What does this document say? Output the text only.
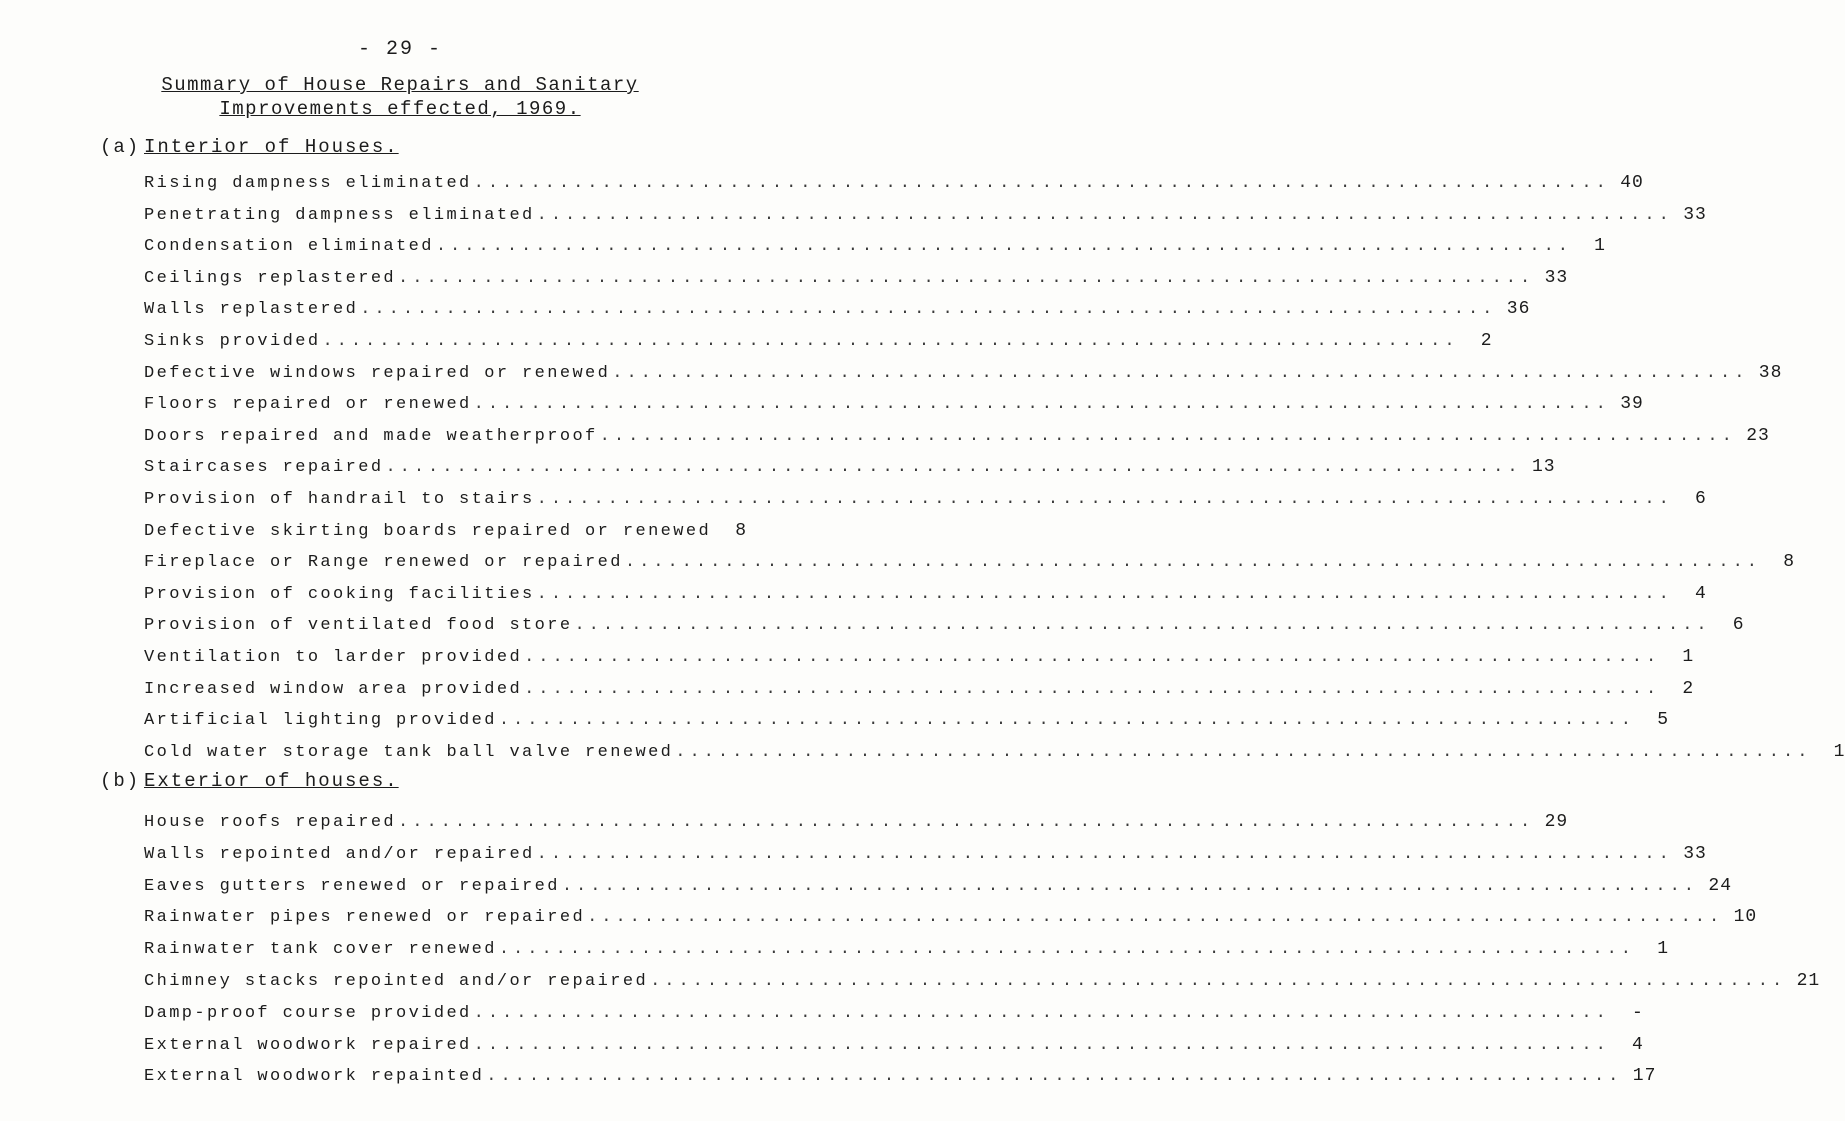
- 29 -
Summary of House Repairs and Sanitary
Improvements effected, 1969.
(a) Interior of Houses.
Rising dampness eliminated ................................................................................ 40
Penetrating dampness eliminated ................................................................................ 33
Condensation eliminated ................................................................................	1
Ceilings replastered ................................................................................ 33
Walls replastered ................................................................................ 36
Sinks provided ................................................................................	2
Defective windows repaired or renewed ................................................................................ 38
Floors repaired or renewed ................................................................................ 39
Doors repaired and made weatherproof ................................................................................ 23
Staircases repaired ................................................................................ 13
Provision of handrail to stairs ................................................................................	6
Defective skirting boards repaired or renewed	8
Fireplace or Range renewed or repaired ................................................................................	8
Provision of cooking facilities ................................................................................	4
Provision of ventilated food store ................................................................................	6
Ventilation to larder provided ................................................................................	1
Increased window area provided ................................................................................	2
Artificial lighting provided ................................................................................	5
Cold water storage tank ball valve renewed ................................................................................	1
(b) Exterior of houses.
House roofs repaired ................................................................................ 29
Walls repointed and/or repaired ................................................................................ 33
Eaves gutters renewed or repaired ................................................................................ 24
Rainwater pipes renewed or repaired ................................................................................ 10
Rainwater tank cover renewed ................................................................................	1
Chimney stacks repointed and/or repaired ................................................................................ 21
Damp-proof course provided ................................................................................	-
External woodwork repaired ................................................................................	4
External woodwork repainted ................................................................................ 17
